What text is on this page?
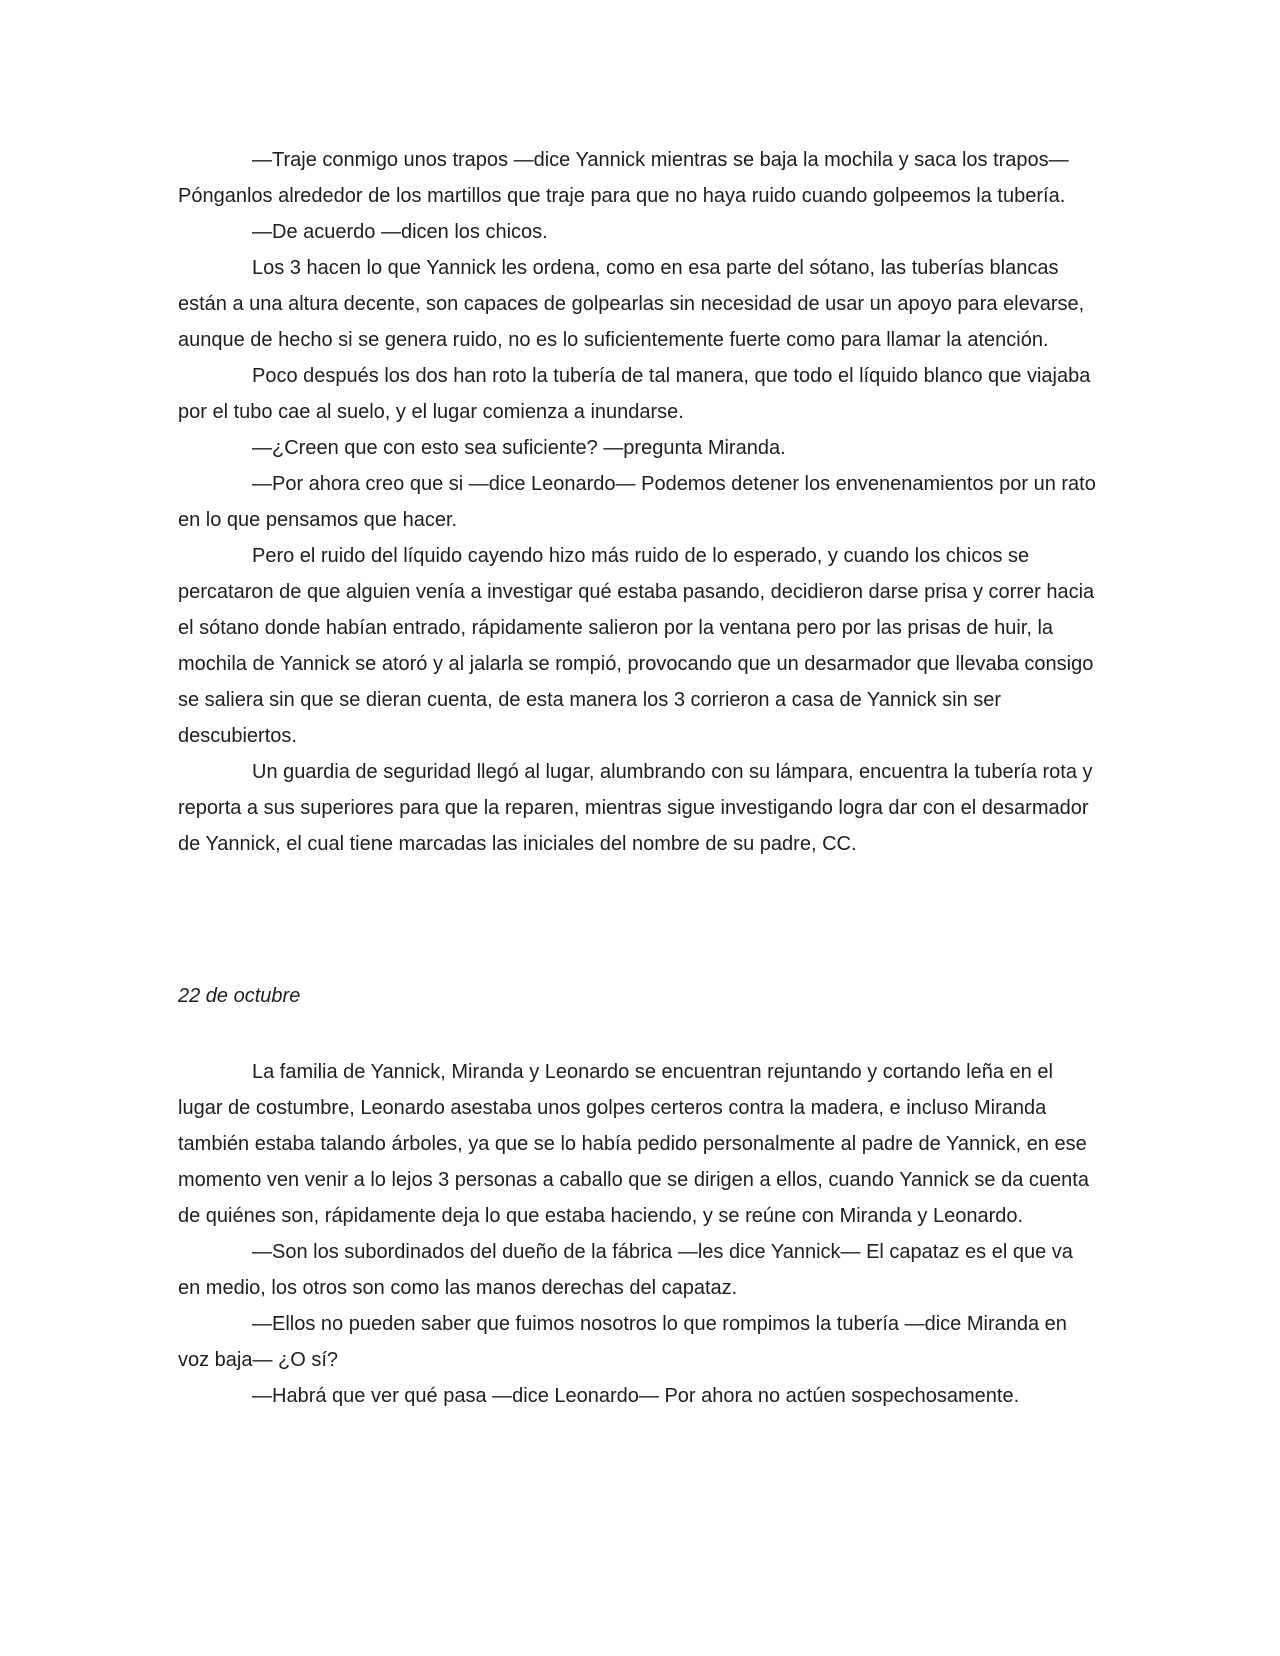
—Traje conmigo unos trapos —dice Yannick mientras se baja la mochila y saca los trapos— Pónganlos alrededor de los martillos que traje para que no haya ruido cuando golpeemos la tubería.

—De acuerdo —dicen los chicos.

Los 3 hacen lo que Yannick les ordena, como en esa parte del sótano, las tuberías blancas están a una altura decente, son capaces de golpearlas sin necesidad de usar un apoyo para elevarse, aunque de hecho si se genera ruido, no es lo suficientemente fuerte como para llamar la atención.

Poco después los dos han roto la tubería de tal manera, que todo el líquido blanco que viajaba por el tubo cae al suelo, y el lugar comienza a inundarse.

—¿Creen que con esto sea suficiente? —pregunta Miranda.

—Por ahora creo que si —dice Leonardo— Podemos detener los envenenamientos por un rato en lo que pensamos que hacer.

Pero el ruido del líquido cayendo hizo más ruido de lo esperado, y cuando los chicos se percataron de que alguien venía a investigar qué estaba pasando, decidieron darse prisa y correr hacia el sótano donde habían entrado, rápidamente salieron por la ventana pero por las prisas de huir, la mochila de Yannick se atoró y al jalarla se rompió, provocando que un desarmador que llevaba consigo se saliera sin que se dieran cuenta, de esta manera los 3 corrieron a casa de Yannick sin ser descubiertos.

Un guardia de seguridad llegó al lugar, alumbrando con su lámpara, encuentra la tubería rota y reporta a sus superiores para que la reparen, mientras sigue investigando logra dar con el desarmador de Yannick, el cual tiene marcadas las iniciales del nombre de su padre, CC.

22 de octubre

La familia de Yannick, Miranda y Leonardo se encuentran rejuntando y cortando leña en el lugar de costumbre, Leonardo asestaba unos golpes certeros contra la madera, e incluso Miranda también estaba talando árboles, ya que se lo había pedido personalmente al padre de Yannick, en ese momento ven venir a lo lejos 3 personas a caballo que se dirigen a ellos, cuando Yannick se da cuenta de quiénes son, rápidamente deja lo que estaba haciendo, y se reúne con Miranda y Leonardo.

—Son los subordinados del dueño de la fábrica —les dice Yannick— El capataz es el que va en medio, los otros son como las manos derechas del capataz.

—Ellos no pueden saber que fuimos nosotros lo que rompimos la tubería —dice Miranda en voz baja— ¿O sí?

—Habrá que ver qué pasa —dice Leonardo— Por ahora no actúen sospechosamente.
